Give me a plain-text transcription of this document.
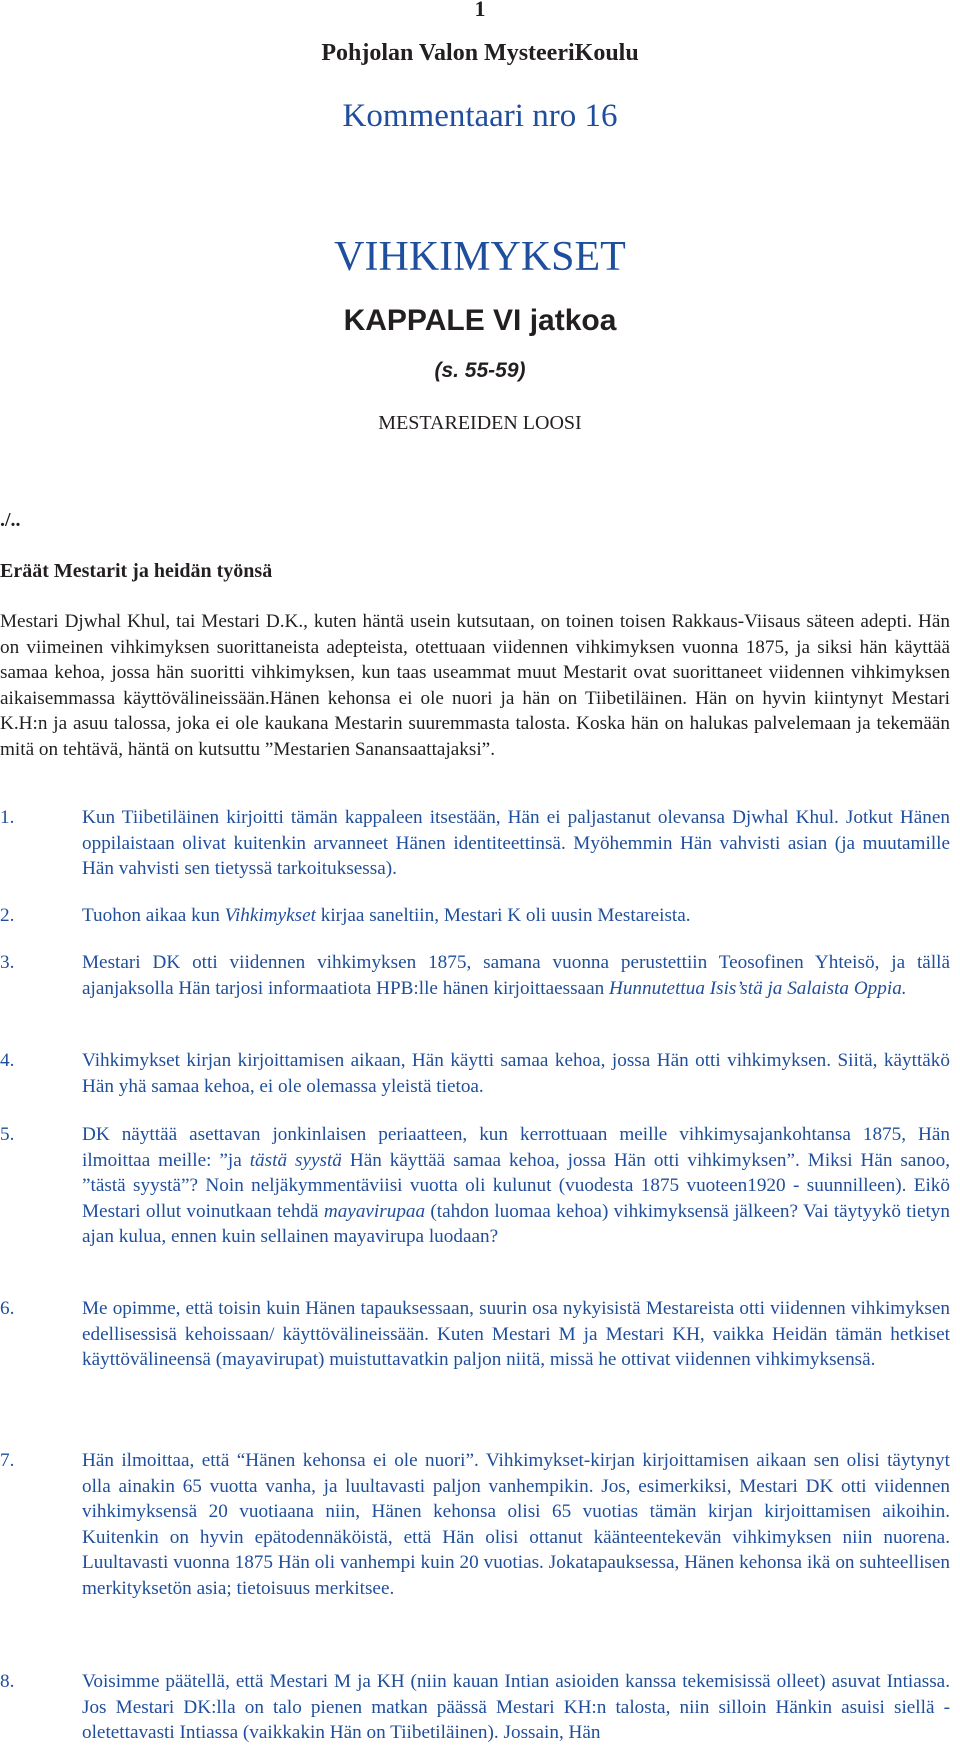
1
Pohjolan Valon MysteeriKoulu
Kommentaari nro 16
VIHKIMYKSET
KAPPALE VI jatkoa
(s. 55-59)
MESTAREIDEN LOOSI
./..
Eräät Mestarit ja heidän työnsä
Mestari Djwhal Khul, tai Mestari D.K., kuten häntä usein kutsutaan, on toinen toisen Rakkaus-Viisaus säteen adepti. Hän on viimeinen vihkimyksen suorittaneista adepteista, otettuaan viidennen vihkimyksen vuonna 1875, ja siksi hän käyttää samaa kehoa, jossa hän suoritti vihkimyksen, kun taas useammat muut Mestarit ovat suorittaneet viidennen vihkimyksen aikaisemmassa käyttövälineissään.Hänen kehonsa ei ole nuori ja hän on Tiibetiläinen. Hän on hyvin kiintynyt Mestari K.H:n ja asuu talossa, joka ei ole kaukana Mestarin suuremmasta talosta. Koska hän on halukas palvelemaan ja tekemään mitä on tehtävä, häntä on kutsuttu ”Mestarien Sanansaattajaksi”.
1.	Kun Tiibetiläinen kirjoitti tämän kappaleen itsestään, Hän ei paljastanut olevansa Djwhal Khul. Jotkut Hänen oppilaistaan olivat kuitenkin arvanneet Hänen identiteettinsä. Myöhemmin Hän vahvisti asian (ja muutamille Hän vahvisti sen tietyssä tarkoituksessa).
2.	Tuohon aikaa kun Vihkimykset kirjaa saneltiin, Mestari K oli uusin Mestareista.
3.	Mestari DK otti viidennen vihkimyksen 1875, samana vuonna perustettiin Teosofinen Yhteisö, ja tällä ajanjaksolla Hän tarjosi informaatiota HPB:lle hänen kirjoittaessaan Hunnutettua Isis’stä ja Salaista Oppia.
4.	Vihkimykset kirjan kirjoittamisen aikaan, Hän käytti samaa kehoa, jossa Hän otti vihkimyksen. Siitä, käyttäkö Hän yhä samaa kehoa, ei ole olemassa yleistä tietoa.
5.	DK näyttää asettavan jonkinlaisen periaatteen, kun kerrottuaan meille vihkimysajankohtansa 1875, Hän ilmoittaa meille: ”ja tästä syystä Hän käyttää samaa kehoa, jossa Hän otti vihkimyksen”. Miksi Hän sanoo, ”tästä syystä”? Noin neljäkymmentäviisi vuotta oli kulunut (vuodesta 1875 vuoteen1920 - suunnilleen). Eikö Mestari ollut voinutkaan tehdä mayavirupaa (tahdon luomaa kehoa) vihkimyksensä jälkeen? Vai täytyykö tietyn ajan kulua, ennen kuin sellainen mayavirupa luodaan?
6.	Me opimme, että toisin kuin Hänen tapauksessaan, suurin osa nykyisistä Mestareista otti viidennen vihkimyksen edellisessisä kehoissaan/ käyttövälineissään. Kuten Mestari M ja Mestari KH, vaikka Heidän tämän hetkiset käyttövälineensä (mayavirupat) muistuttavatkin paljon niitä, missä he ottivat viidennen vihkimyksensä.
7.	Hän ilmoittaa, että “Hänen kehonsa ei ole nuori”. Vihkimykset-kirjan kirjoittamisen aikaan sen olisi täytynyt olla ainakin 65 vuotta vanha, ja luultavasti paljon vanhempikin. Jos, esimerkiksi, Mestari DK otti viidennen vihkimyksensä 20 vuotiaana niin, Hänen kehonsa olisi 65 vuotias tämän kirjan kirjoittamisen aikoihin. Kuitenkin on hyvin epätodennäköistä, että Hän olisi ottanut käänteentekevän vihkimyksen niin nuorena. Luultavasti vuonna 1875 Hän oli vanhempi kuin 20 vuotias. Jokatapauksessa, Hänen kehonsa ikä on suhteellisen merkityksetön asia; tietoisuus merkitsee.
8.	Voisimme päätellä, että Mestari M ja KH (niin kauan Intian asioiden kanssa tekemisissä olleet) asuvat Intiassa. Jos Mestari DK:lla on talo pienen matkan päässä Mestari KH:n talosta, niin silloin Hänkin asuisi siellä - oletettavasti Intiassa (vaikkakin Hän on Tiibetiläinen). Jossain, Hän
